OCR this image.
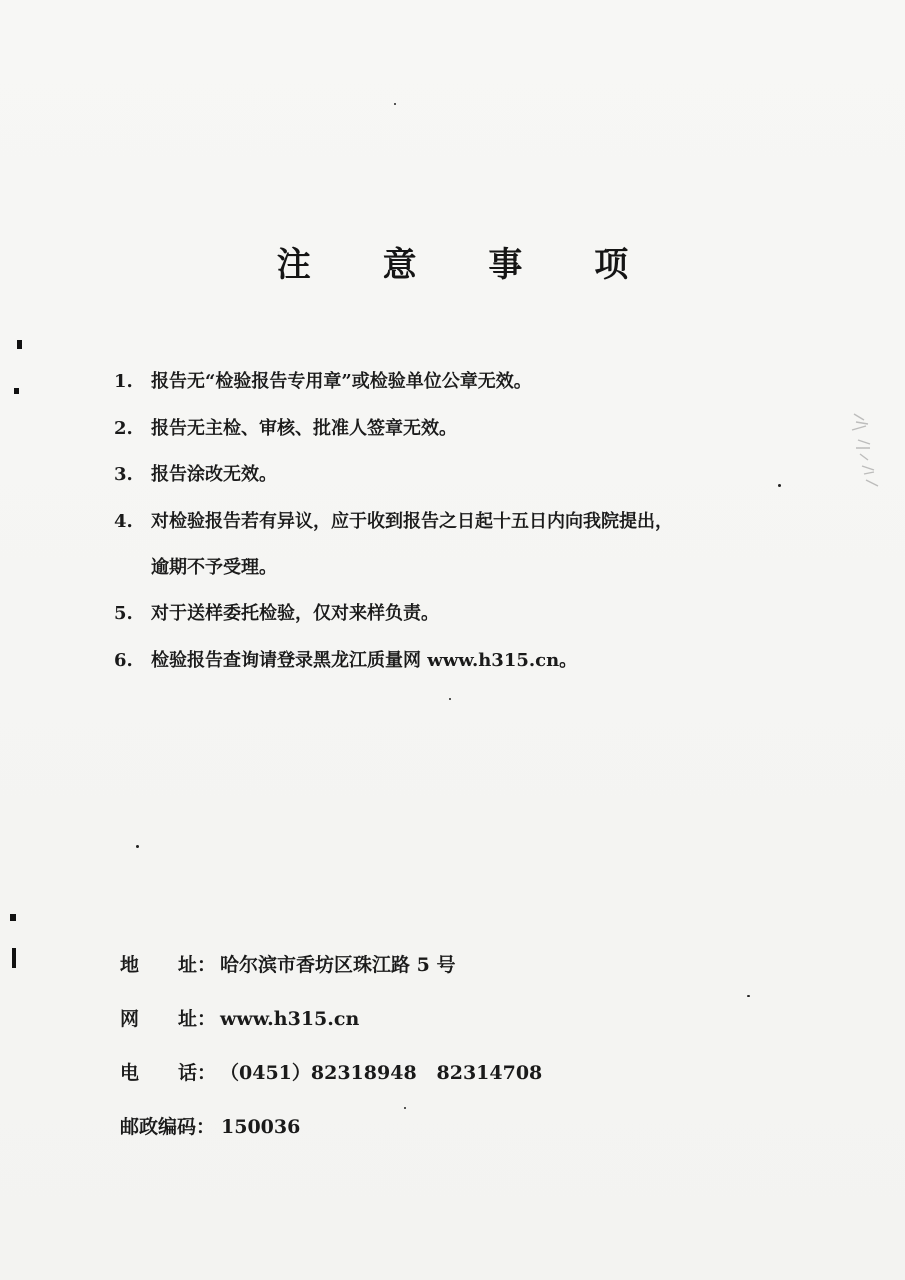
注 意 事 项
1.	报告无“检验报告专用章”或检验单位公章无效。
2.	报告无主检、审核、批准人签章无效。
3.	报告涂改无效。
4.	对检验报告若有异议，应于收到报告之日起十五日内向我院提出，
逾期不予受理。
5.	对于送样委托检验，仅对来样负责。
6.	检验报告查询请登录黑龙江质量网 www.h315.cn。
地	址： 哈尔滨市香坊区珠江路 5 号
网	址： www.h315.cn
电	话： （0451）82318948   82314708
邮政编码： 150036
